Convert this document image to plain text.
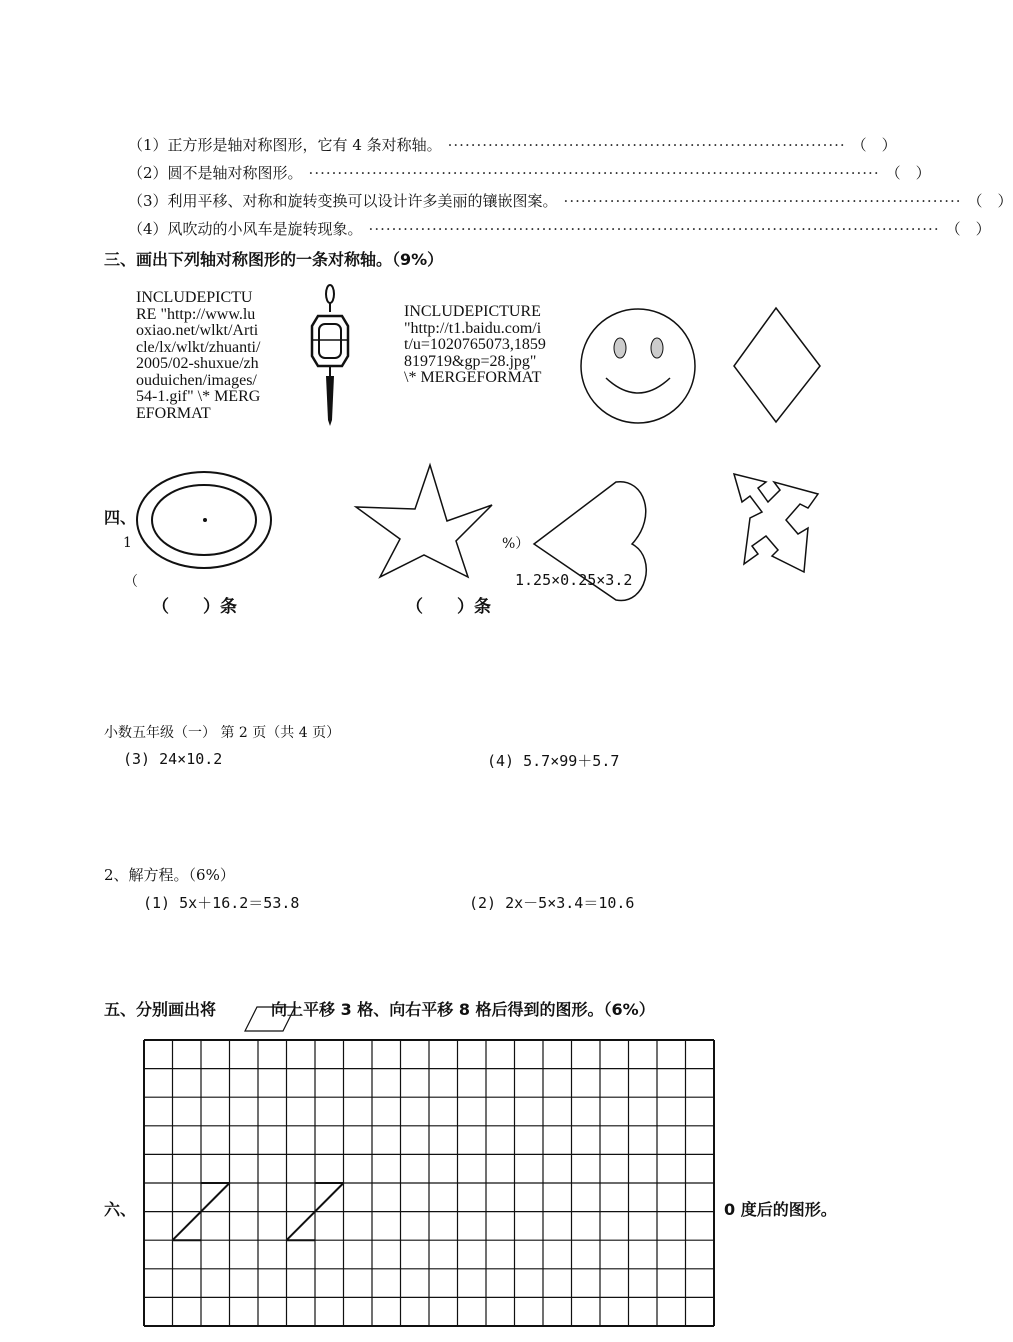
（1）正方形是轴对称图形，它有 4 条对称轴。 ····································································· （　）
（2）圆不是轴对称图形。 ··································································································· （　）
（3）利用平移、对称和旋转变换可以设计许多美丽的镶嵌图案。 ····································································· （　）
（4）风吹动的小风车是旋转现象。 ··································································································· （　）
三、画出下列轴对称图形的一条对称轴。（9%）
INCLUDEPICTURE "http://www.luoxiao.net/wlkt/Article/lx/wlkt/zhuanti/2005/02-shuxue/zhouduichen/images/54-1.gif" \* MERGEFORMAT
INCLUDEPICTURE "http://t1.baidu.com/it/u=1020765073,1859819719&gp=28.jpg" \* MERGEFORMAT
四、
1	%）
（	1.25×0.25×3.2
（　　）条	（　　）条
小数五年级（一） 第 2 页（共 4 页）
(3) 24×10.2	(4) 5.7×99＋5.7
2、解方程。（6%）
(1) 5x＋16.2＝53.8	(2) 2x－5×3.4＝10.6
五、分别画出将	向上平移 3 格、向右平移 8 格后得到的图形。（6%）
六、	0 度后的图形。
